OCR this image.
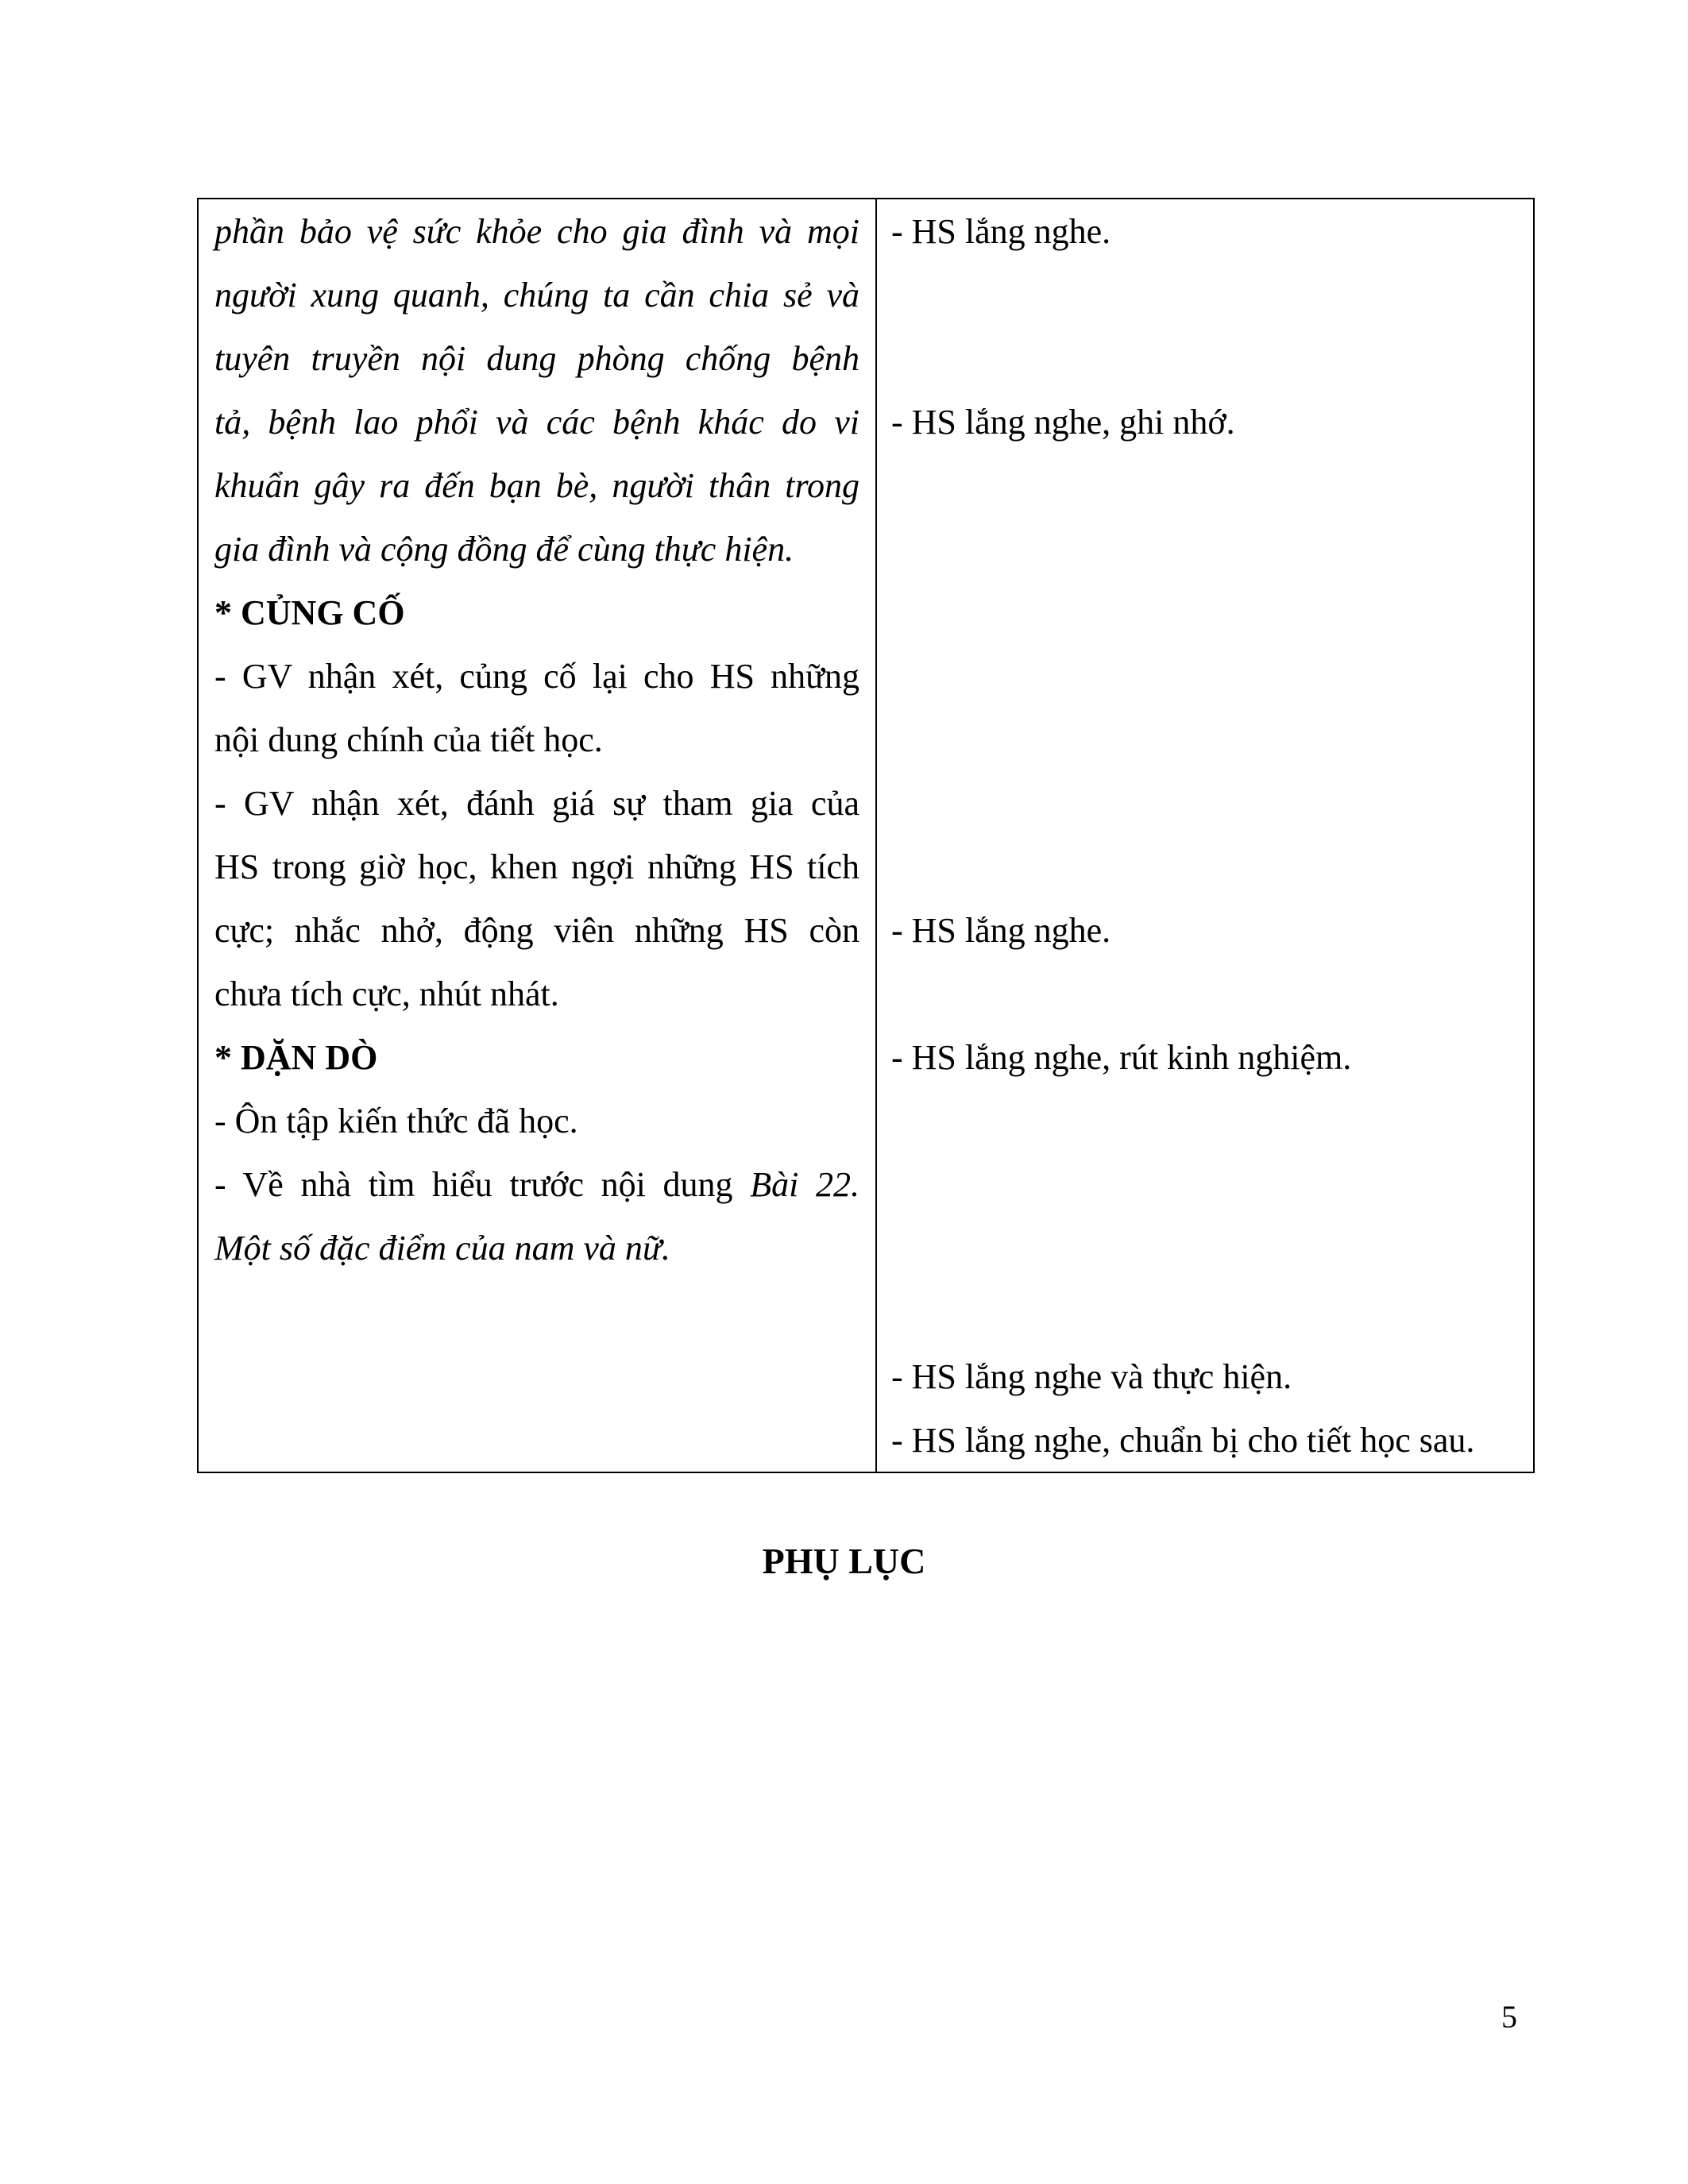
phần bảo vệ sức khỏe cho gia đình và mọi
người xung quanh, chúng ta cần chia sẻ và
tuyên truyền nội dung phòng chống bệnh
tả, bệnh lao phổi và các bệnh khác do vi
khuẩn gây ra đến bạn bè, người thân trong
gia đình và cộng đồng để cùng thực hiện.
* CỦNG CỐ
- GV nhận xét, củng cố lại cho HS những
nội dung chính của tiết học.
- GV nhận xét, đánh giá sự tham gia của
HS trong giờ học, khen ngợi những HS tích
cực; nhắc nhở, động viên những HS còn
chưa tích cực, nhút nhát.
* DẶN DÒ
- Ôn tập kiến thức đã học.
- Về nhà tìm hiểu trước nội dung Bài 22.
Một số đặc điểm của nam và nữ.
- HS lắng nghe.
- HS lắng nghe, ghi nhớ.
- HS lắng nghe.
- HS lắng nghe, rút kinh nghiệm.
- HS lắng nghe và thực hiện.
- HS lắng nghe, chuẩn bị cho tiết học sau.
PHỤ LỤC
5
